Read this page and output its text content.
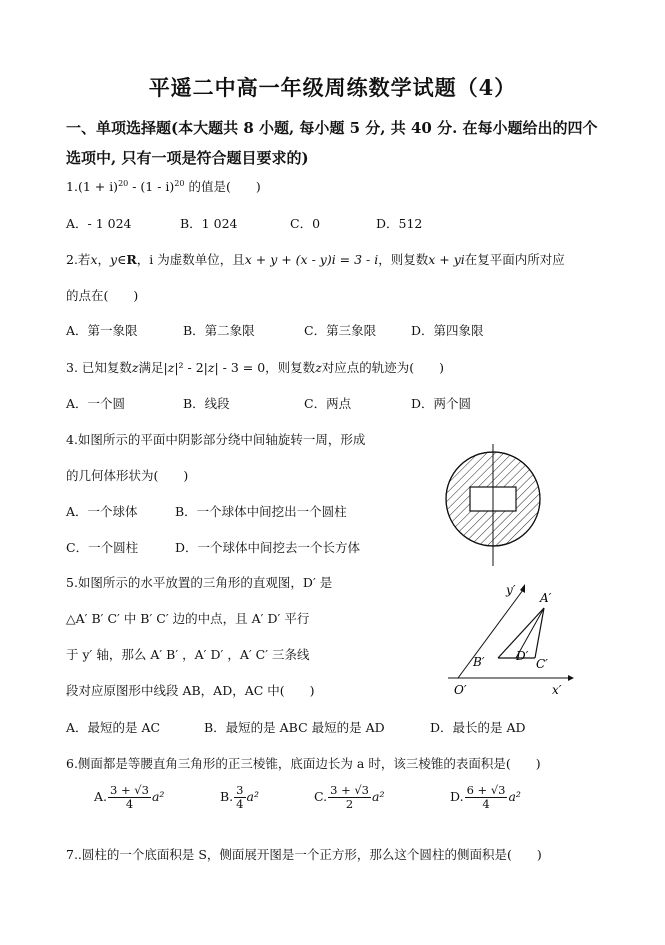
平遥二中高一年级周练数学试题（4）
一、单项选择题(本大题共 8 小题, 每小题 5 分, 共 40 分. 在每小题给出的四个
选项中, 只有一项是符合题目要求的)
$1.(1 + i)^{20} - (1 - i)^{20}$ 的值是(　　)
A．- 1 024	B．1 024	C．0	D．512
2.若x，y∈R，i 为虚数单位，且x + y + (x - y)i = 3 - i，则复数x + yi在复平面内所对应
的点在(　　)
A．第一象限	B．第二象限	C．第三象限	D．第四象限
3. 已知复数z满足|z|² - 2|z| - 3 = 0，则复数z对应点的轨迹为(　　)
A．一个圆	B．线段	C．两点	D．两个圆
4.如图所示的平面中阴影部分绕中间轴旋转一周，形成
的几何体形状为(　　)
A．一个球体	B．一个球体中间挖出一个圆柱
C．一个圆柱	D．一个球体中间挖去一个长方体
5.如图所示的水平放置的三角形的直观图，D′ 是
△A′ B′ C′ 中 B′ C′ 边的中点，且 A′ D′ 平行
于 y′ 轴，那么 A′ B′ ，A′ D′ ，A′ C′ 三条线
段对应原图形中线段 AB，AD，AC 中(　　)
y′
A′
B′	D′
C′
O′	x′
A．最短的是 AC	B．最短的是 ABC 最短的是 AD	D．最长的是 AD
6.侧面都是等腰直角三角形的正三棱锥，底面边长为 a 时，该三棱锥的表面积是(　　)
A. $\frac{3 + √3}{4} a^2$	B. $\frac{3}{4} a^2$	C. $\frac{3 + √3}{2} a^2$	D. $\frac{6 + √3}{4} a^2$
7..圆柱的一个底面积是 S，侧面展开图是一个正方形，那么这个圆柱的侧面积是(　　)
